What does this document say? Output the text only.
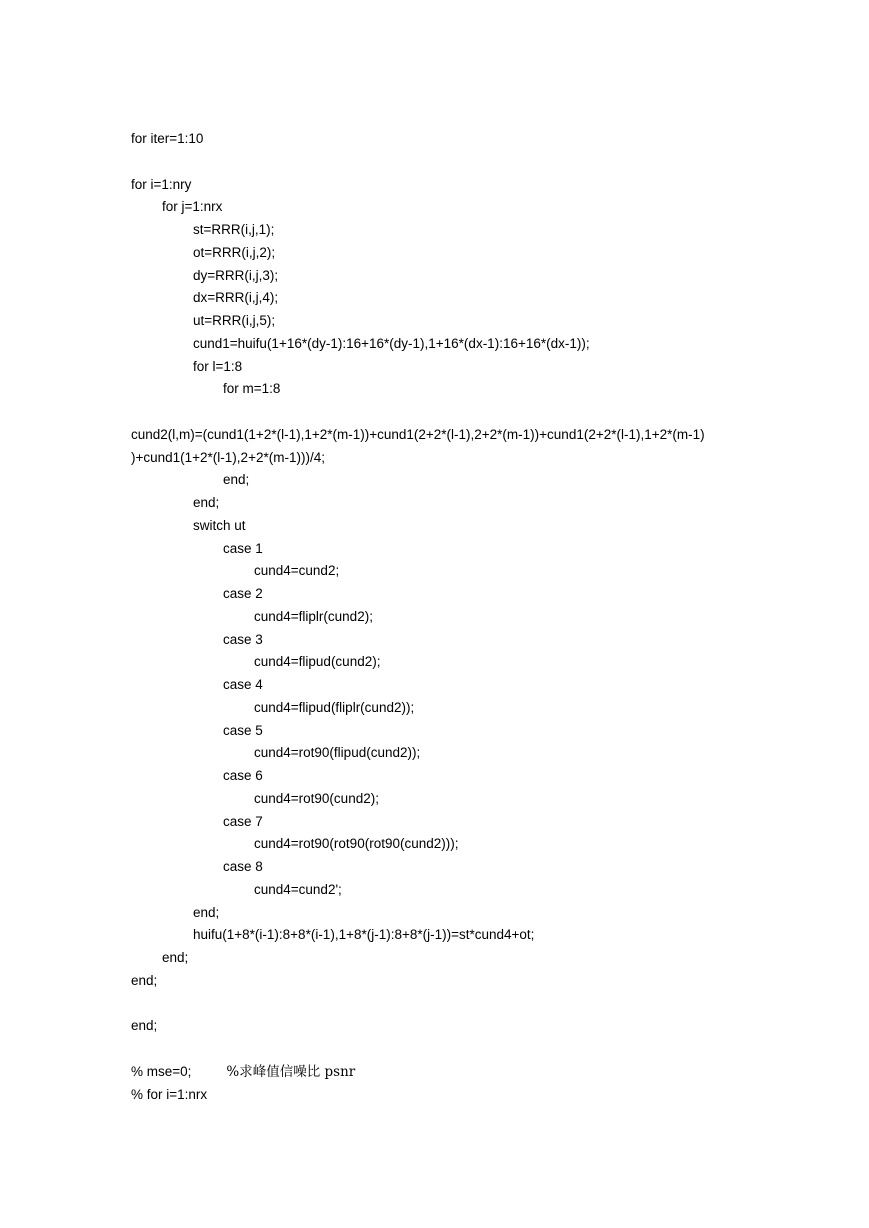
for iter=1:10
for i=1:nry
for j=1:nrx
st=RRR(i,j,1);
ot=RRR(i,j,2);
dy=RRR(i,j,3);
dx=RRR(i,j,4);
ut=RRR(i,j,5);
cund1=huifu(1+16*(dy-1):16+16*(dy-1),1+16*(dx-1):16+16*(dx-1));
for l=1:8
for m=1:8
cund2(l,m)=(cund1(1+2*(l-1),1+2*(m-1))+cund1(2+2*(l-1),2+2*(m-1))+cund1(2+2*(l-1),1+2*(m-1)
)+cund1(1+2*(l-1),2+2*(m-1)))/4;
end;
end;
switch ut
case 1
cund4=cund2;
case 2
cund4=fliplr(cund2);
case 3
cund4=flipud(cund2);
case 4
cund4=flipud(fliplr(cund2));
case 5
cund4=rot90(flipud(cund2));
case 6
cund4=rot90(cund2);
case 7
cund4=rot90(rot90(rot90(cund2)));
case 8
cund4=cund2';
end;
huifu(1+8*(i-1):8+8*(i-1),1+8*(j-1):8+8*(j-1))=st*cund4+ot;
end;
end;
end;
% mse=0;	%求峰值信噪比 psnr
% for i=1:nrx
